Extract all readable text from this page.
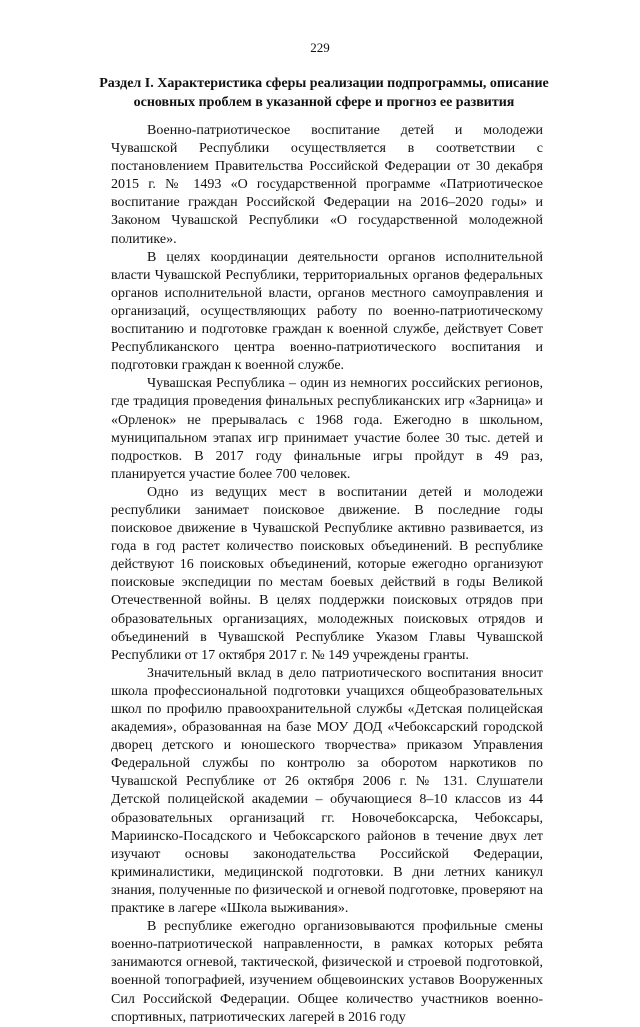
229
Раздел I. Характеристика сферы реализации подпрограммы, описание основных проблем в указанной сфере и прогноз ее развития

Военно-патриотическое воспитание детей и молодежи Чувашской Республики осуществляется в соответствии с постановлением Правительства Российской Федерации от 30 декабря 2015 г. № 1493 «О государственной программе «Патриотическое воспитание граждан Российской Федерации на 2016–2020 годы» и Законом Чувашской Республики «О государственной молодежной политике».

В целях координации деятельности органов исполнительной власти Чувашской Республики, территориальных органов федеральных органов исполнительной власти, органов местного самоуправления и организаций, осуществляющих работу по военно-патриотическому воспитанию и подготовке граждан к военной службе, действует Совет Республиканского центра военно-патриотического воспитания и подготовки граждан к военной службе.

Чувашская Республика – один из немногих российских регионов, где традиция проведения финальных республиканских игр «Зарница» и «Орленок» не прерывалась с 1968 года. Ежегодно в школьном, муниципальном этапах игр принимает участие более 30 тыс. детей и подростков. В 2017 году финальные игры пройдут в 49 раз, планируется участие более 700 человек.

Одно из ведущих мест в воспитании детей и молодежи республики занимает поисковое движение. В последние годы поисковое движение в Чувашской Республике активно развивается, из года в год растет количество поисковых объединений. В республике действуют 16 поисковых объединений, которые ежегодно организуют поисковые экспедиции по местам боевых действий в годы Великой Отечественной войны. В целях поддержки поисковых отрядов при образовательных организациях, молодежных поисковых отрядов и объединений в Чувашской Республике Указом Главы Чувашской Республики от 17 октября 2017 г. № 149 учреждены гранты.

Значительный вклад в дело патриотического воспитания вносит школа профессиональной подготовки учащихся общеобразовательных школ по профилю правоохранительной службы «Детская полицейская академия», образованная на базе МОУ ДОД «Чебоксарский городской дворец детского и юношеского творчества» приказом Управления Федеральной службы по контролю за оборотом наркотиков по Чувашской Республике от 26 октября 2006 г. № 131. Слушатели Детской полицейской академии – обучающиеся 8–10 классов из 44 образовательных организаций гг. Новочебоксарска, Чебоксары, Мариинско-Посадского и Чебоксарского районов в течение двух лет изучают основы законодательства Российской Федерации, криминалистики, медицинской подготовки. В дни летних каникул знания, полученные по физической и огневой подготовке, проверяют на практике в лагере «Школа выживания».

В республике ежегодно организовываются профильные смены военно-патриотической направленности, в рамках которых ребята занимаются огневой, тактической, физической и строевой подготовкой, военной топографией, изучением общевоинских уставов Вооруженных Сил Российской Федерации. Общее количество участников военно-спортивных, патриотических лагерей в 2016 году
